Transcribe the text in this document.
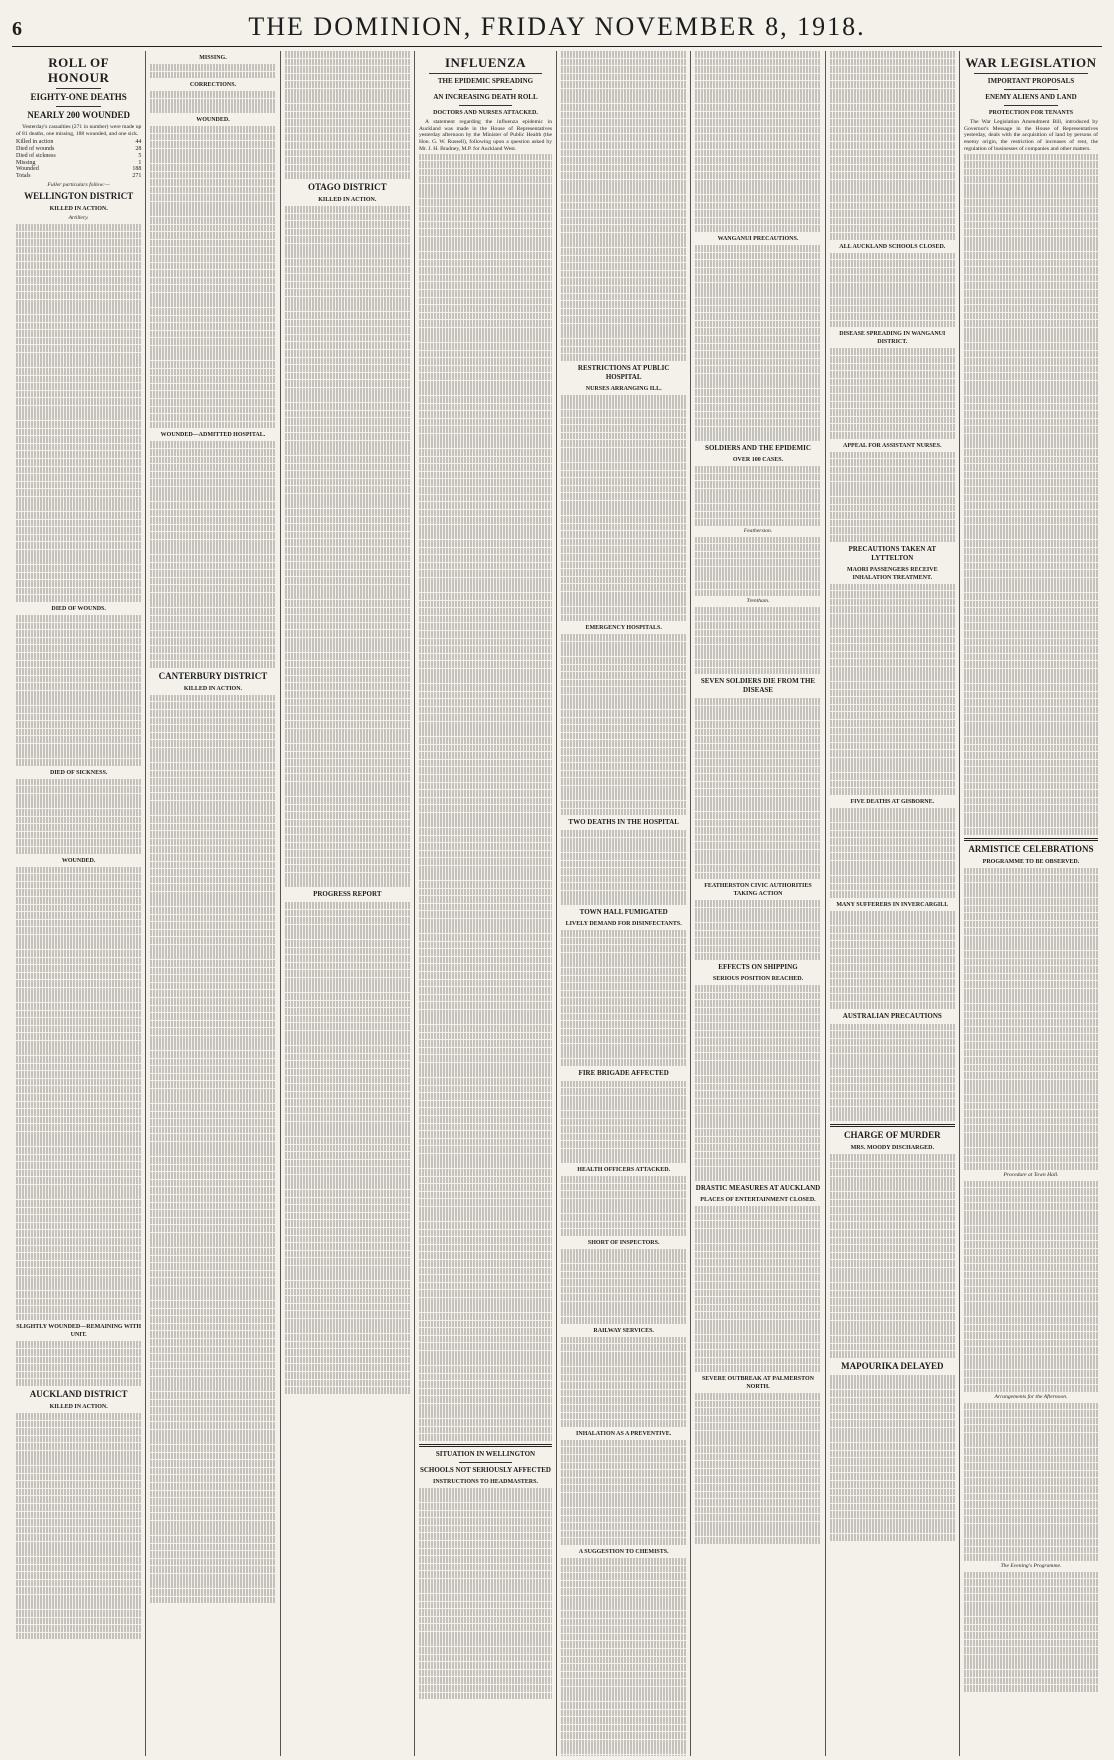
6	THE DOMINION, FRIDAY NOVEMBER 8, 1918.
ROLL OF HONOUR
EIGHTY-ONE DEATHS
NEARLY 200 WOUNDED
Yesterday's casualties (271 in number) were made up of 81 deaths, one missing, 188 wounded, and one sick.
Killed in action	44
Died of wounds	28
Died of sickness	5
Missing	1
Wounded	188
Totals	271
Fuller particulars follow:—
WELLINGTON DISTRICT
KILLED IN ACTION.
Artillery.
DIED OF WOUNDS.
DIED OF SICKNESS.
WOUNDED.
SLIGHTLY WOUNDED—REMAINING WITH UNIT.
AUCKLAND DISTRICT
KILLED IN ACTION.
MISSING.
CORRECTIONS.
WOUNDED.
WOUNDED—ADMITTED HOSPITAL.
CANTERBURY DISTRICT
KILLED IN ACTION.
OTAGO DISTRICT
KILLED IN ACTION.
PROGRESS REPORT
INFLUENZA
THE EPIDEMIC SPREADING
AN INCREASING DEATH ROLL
DOCTORS AND NURSES ATTACKED.
A statement regarding the influenza epidemic in Auckland was made in the House of Representatives yesterday afternoon by the Minister of Public Health (the Hon. G. W. Russell), following upon a question asked by Mr. J. H. Bradney, M.P. for Auckland West.
SITUATION IN WELLINGTON
SCHOOLS NOT SERIOUSLY AFFECTED
INSTRUCTIONS TO HEADMASTERS.
RESTRICTIONS AT PUBLIC HOSPITAL
NURSES ARRANGING ILL.
EMERGENCY HOSPITALS.
TWO DEATHS IN THE HOSPITAL
TOWN HALL FUMIGATED
LIVELY DEMAND FOR DISINFECTANTS.
FIRE BRIGADE AFFECTED
HEALTH OFFICERS ATTACKED.
SHORT OF INSPECTORS.
RAILWAY SERVICES.
INHALATION AS A PREVENTIVE.
A SUGGESTION TO CHEMISTS.
WANGANUI PRECAUTIONS.
SOLDIERS AND THE EPIDEMIC
OVER 100 CASES.
Featherston.
Trentham.
SEVEN SOLDIERS DIE FROM THE DISEASE
FEATHERSTON CIVIC AUTHORITIES TAKING ACTION
EFFECTS ON SHIPPING
SERIOUS POSITION REACHED.
DRASTIC MEASURES AT AUCKLAND
PLACES OF ENTERTAINMENT CLOSED.
SEVERE OUTBREAK AT PALMERSTON NORTH.
ALL AUCKLAND SCHOOLS CLOSED.
DISEASE SPREADING IN WANGANUI DISTRICT.
APPEAL FOR ASSISTANT NURSES.
PRECAUTIONS TAKEN AT LYTTELTON
MAORI PASSENGERS RECEIVE INHALATION TREATMENT.
FIVE DEATHS AT GISBORNE.
MANY SUFFERERS IN INVERCARGILL
AUSTRALIAN PRECAUTIONS
CHARGE OF MURDER
MRS. MOODY DISCHARGED.
MAPOURIKA DELAYED
WAR LEGISLATION
IMPORTANT PROPOSALS
ENEMY ALIENS AND LAND
PROTECTION FOR TENANTS
The War Legislation Amendment Bill, introduced by Governor's Message in the House of Representatives yesterday, deals with the acquisition of land by persons of enemy origin, the restriction of increases of rent, the regulation of businesses of companies and other matters.
ARMISTICE CELEBRATIONS
PROGRAMME TO BE OBSERVED.
Procedure at Town Hall.
Arrangements for the Afternoon.
The Evening's Programme.
